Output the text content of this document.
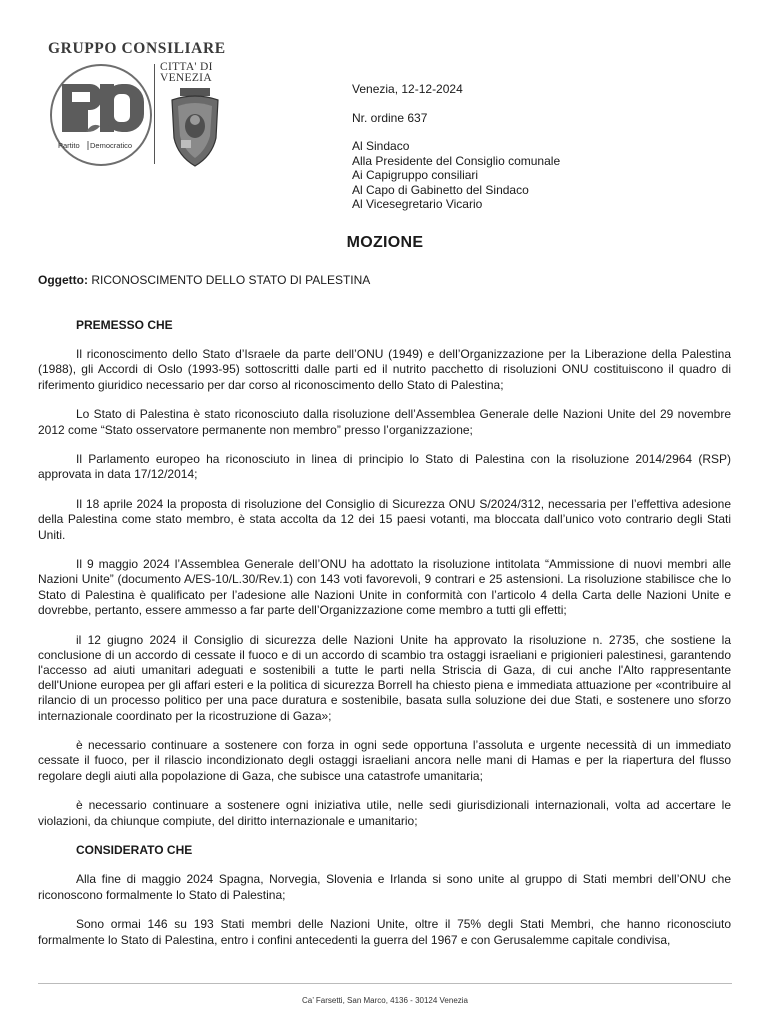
GRUPPO CONSILIARE
Partito Democratico
CITTA' DI
VENEZIA
Venezia, 12-12-2024
Nr. ordine 637
Al Sindaco
Alla Presidente del Consiglio comunale
Ai Capigruppo consiliari
Al Capo di Gabinetto del Sindaco
Al Vicesegretario Vicario
MOZIONE
Oggetto: RICONOSCIMENTO DELLO STATO DI PALESTINA
PREMESSO CHE

Il riconoscimento dello Stato d’Israele da parte dell’ONU (1949) e dell’Organizzazione per la Liberazione della Palestina (1988), gli Accordi di Oslo (1993-95) sottoscritti dalle parti ed il nutrito pacchetto di risoluzioni ONU costituiscono il quadro di riferimento giuridico necessario per dar corso al riconoscimento dello Stato di Palestina;

Lo Stato di Palestina è stato riconosciuto dalla risoluzione dell’Assemblea Generale delle Nazioni Unite del 29 novembre 2012 come “Stato osservatore permanente non membro” presso l’organizzazione;

Il Parlamento europeo ha riconosciuto in linea di principio lo Stato di Palestina con la risoluzione 2014/2964 (RSP) approvata in data 17/12/2014;

Il 18 aprile 2024 la proposta di risoluzione del Consiglio di Sicurezza ONU S/2024/312, necessaria per l’effettiva adesione della Palestina come stato membro, è stata accolta da 12 dei 15 paesi votanti, ma bloccata dall’unico voto contrario degli Stati Uniti.

Il 9 maggio 2024 l’Assemblea Generale dell’ONU ha adottato la risoluzione intitolata “Ammissione di nuovi membri alle Nazioni Unite” (documento A/ES-10/L.30/Rev.1) con 143 voti favorevoli, 9 contrari e 25 astensioni. La risoluzione stabilisce che lo Stato di Palestina è qualificato per l’adesione alle Nazioni Unite in conformità con l’articolo 4 della Carta delle Nazioni Unite e dovrebbe, pertanto, essere ammesso a far parte dell’Organizzazione come membro a tutti gli effetti;

il 12 giugno 2024 il Consiglio di sicurezza delle Nazioni Unite ha approvato la risoluzione n. 2735, che sostiene la conclusione di un accordo di cessate il fuoco e di un accordo di scambio tra ostaggi israeliani e prigionieri palestinesi, garantendo l'accesso ad aiuti umanitari adeguati e sostenibili a tutte le parti nella Striscia di Gaza, di cui anche l'Alto rappresentante dell'Unione europea per gli affari esteri e la politica di sicurezza Borrell ha chiesto piena e immediata attuazione per «contribuire al rilancio di un processo politico per una pace duratura e sostenibile, basata sulla soluzione dei due Stati, e sostenere uno sforzo internazionale coordinato per la ricostruzione di Gaza»;

è necessario continuare a sostenere con forza in ogni sede opportuna l’assoluta e urgente necessità di un immediato cessate il fuoco, per il rilascio incondizionato degli ostaggi israeliani ancora nelle mani di Hamas e per la riapertura del flusso regolare degli aiuti alla popolazione di Gaza, che subisce una catastrofe umanitaria;

è necessario continuare a sostenere ogni iniziativa utile, nelle sedi giurisdizionali internazionali, volta ad accertare le violazioni, da chiunque compiute, del diritto internazionale e umanitario;

CONSIDERATO CHE

Alla fine di maggio 2024 Spagna, Norvegia, Slovenia e Irlanda si sono unite al gruppo di Stati membri dell’ONU che riconoscono formalmente lo Stato di Palestina;

Sono ormai 146 su 193 Stati membri delle Nazioni Unite, oltre il 75% degli Stati Membri, che hanno riconosciuto formalmente lo Stato di Palestina, entro i confini antecedenti la guerra del 1967 e con Gerusalemme capitale condivisa,

Ca’ Farsetti, San Marco, 4136 - 30124 Venezia
